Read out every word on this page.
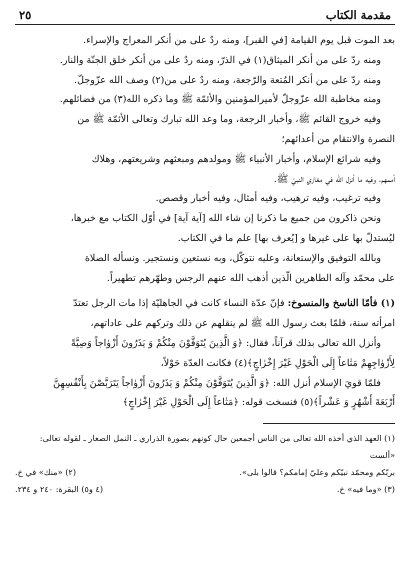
مقدمة الكتاب
٢٥

بعد الموت قبل يوم القيامة [في القبر]، ومنه ردٌ على من أنكر المعراج والإسراء.

ومنه ردّ على من أنكر الميثاق(١) في الذرّ، ومنه ردٌ على من أنكر خلق الجنّة والنار.

ومنه ردّ على من أنكر المُتعة والرّجعة، ومنه ردٌ على من(٢) وصف الله عزّوجلّ.

ومنه مخاطبة الله عزّوجلّ لأميرالمؤمنين والأئمّة ﷺ وما ذكره الله(٣) من فضائلهم.

وفيه خروج القائم ﷺ، وأخبار الرجعة، وما وعد الله تبارك وتعالى الأئمّة ﷺ من

النصرة والانتقام من أعدائهم؛

وفيه شرائع الإسلام، وأخبار الأنبياء ﷺ ومولدهم ومبعثهم وشريعتهم، وهلاك

أممهم، وفيه ما أنزل الله في مغازي النبيّ ﷺ.

وفيه ترغيب، وفيه ترهيب، وفيه أمثال، وفيه أخبار وقصص.

ونحن ذاكرون من جميع ما ذكرنا إن شاء الله [آية آية] في أوّل الكتاب مع خبرها،

ليُستدلّ بها على غيرها و [يُعرف بها] علم ما في الكتاب.

وبالله التوفيق والإستعانة، وعليه نتوكّل، وبه نستعين ونستجير. ونسأله الصلاة

على محمّد وآله الطاهرين الّذين أذهب الله عنهم الرجس وطهّرهم تطهيراً.

(١) فأمّا الناسخ والمنسوخ: فإنّ عدّة النساء كانت في الجاهليّة إذا مات الرجل تعتدّ

امرأته سنة، فلمّا بعث رسول الله ﷺ لم ينقلهم عن ذلك وتركهم على عاداتهم،

وأنزل الله تعالى بذلك قرآناً، فقال: ﴿وَ الَّذِينَ يُتَوَفَّوْنَ مِنْكُمْ وَ يَذَرُونَ أَزْوٰاجاً وَصِيَّةً

لِأَزْوٰاجِهِمْ مَتٰاعاً إِلَى الْحَوْلِ غَيْرَ إِخْرٰاجٍ﴾(٤) فكانت العدّة حَوْلاً،

فلمّا قويَ الإسلام أنزل الله: ﴿وَ الَّذِينَ يُتَوَفَّوْنَ مِنْكُمْ وَ يَذَرُونَ أَزْوٰاجاً يَتَرَبَّصْنَ بِأَنْفُسِهِنَّ

أَرْبَعَةَ أَشْهُرٍ وَ عَشْراً﴾(٥) فنسخت قوله: ﴿مَتٰاعاً إِلَى الْحَوْلِ غَيْرَ إِخْرٰاجٍ﴾

(١) العهد الذي أخذه الله تعالى من الناس أجمعين حال كونهم بصورة الذراري ـ النمل الصغار ـ لقوله تعالى: «ألست

بربّكم ومحمّد نبيّكم وعليّ إمامكم؟ قالوا بلى».
(٢) «منك» في خ.
(٣) «وما فيه» خ.
(٤ و٥) البقرة: ٢٤٠ و ٢٣٤.
